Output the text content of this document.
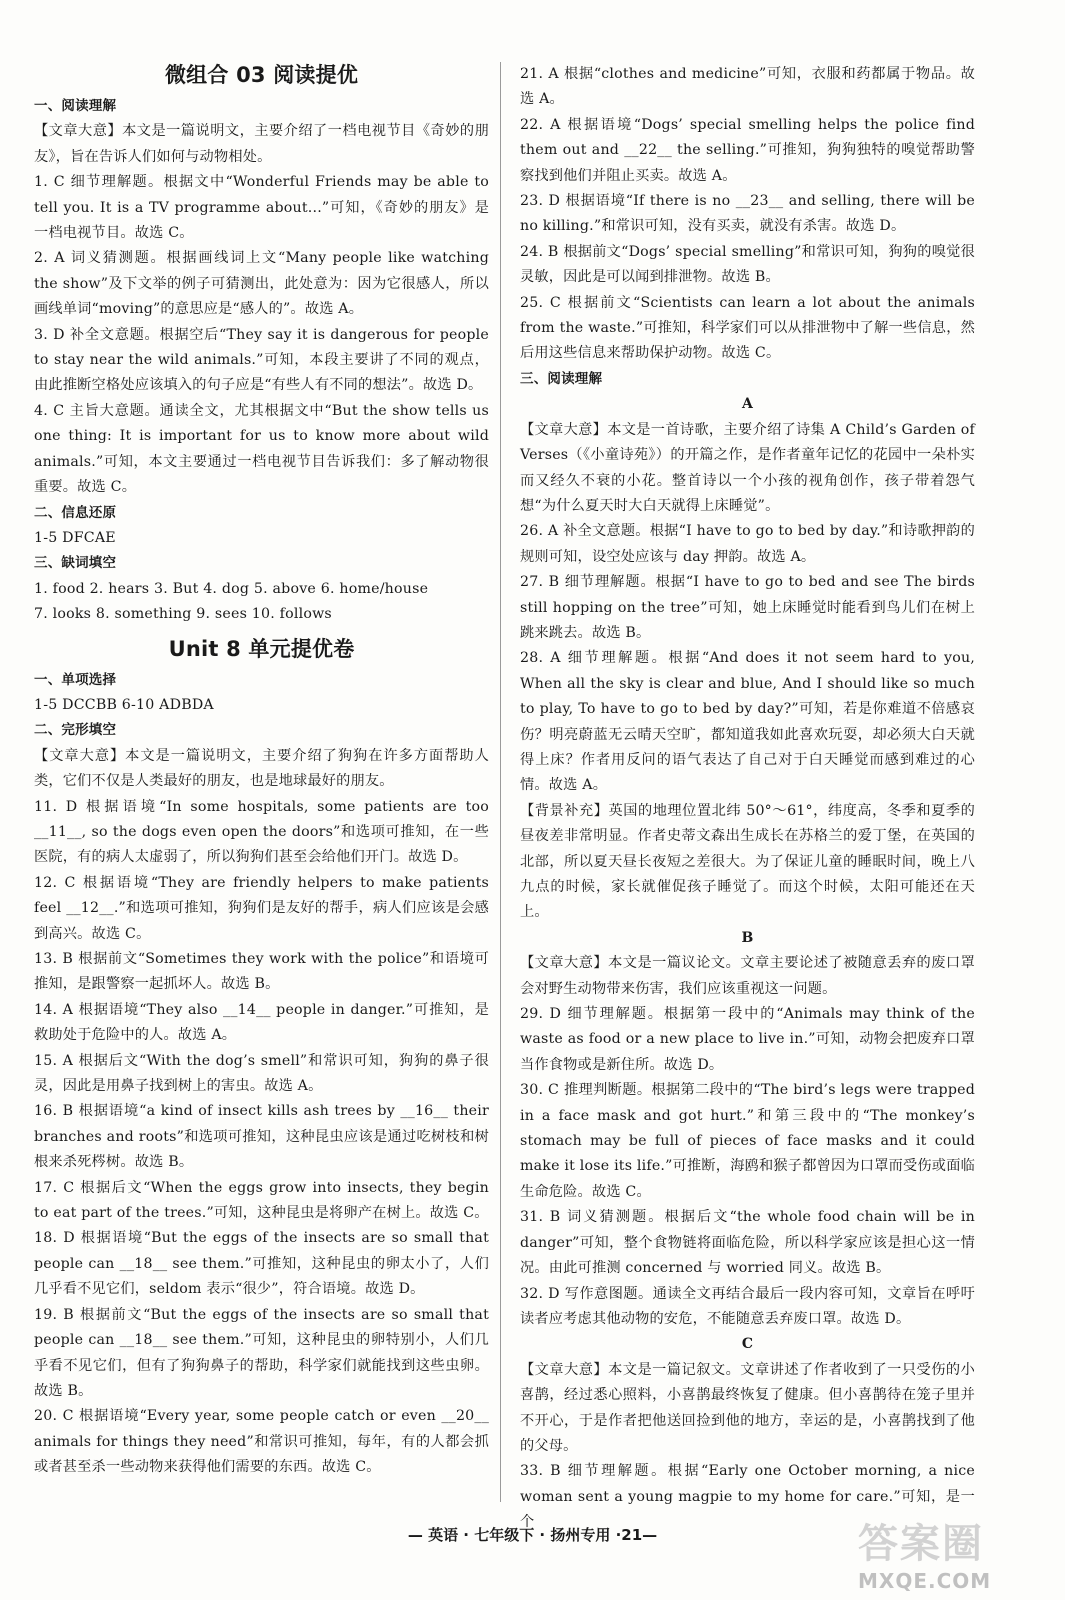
微组合 03 阅读提优
一、阅读理解
【文章大意】本文是一篇说明文，主要介绍了一档电视节目《奇妙的朋友》，旨在告诉人们如何与动物相处。
1. C 细节理解题。根据文中“Wonderful Friends may be able to tell you. It is a TV programme about...”可知，《奇妙的朋友》是一档电视节目。故选 C。
2. A 词义猜测题。根据画线词上文“Many people like watching the show”及下文举的例子可猜测出，此处意为：因为它很感人，所以画线单词“moving”的意思应是“感人的”。故选 A。
3. D 补全文意题。根据空后“They say it is dangerous for people to stay near the wild animals.”可知，本段主要讲了不同的观点，由此推断空格处应该填入的句子应是“有些人有不同的想法”。故选 D。
4. C 主旨大意题。通读全文，尤其根据文中“But the show tells us one thing: It is important for us to know more about wild animals.”可知，本文主要通过一档电视节目告诉我们：多了解动物很重要。故选 C。
二、信息还原
1-5 DFCAE
三、缺词填空
1. food 2. hears 3. But 4. dog 5. above 6. home/house
7. looks 8. something 9. sees 10. follows
Unit 8 单元提优卷
一、单项选择
1-5 DCCBB 6-10 ADBDA
二、完形填空
【文章大意】本文是一篇说明文，主要介绍了狗狗在许多方面帮助人类，它们不仅是人类最好的朋友，也是地球最好的朋友。
11. D 根据语境“In some hospitals, some patients are too __11__, so the dogs even open the doors”和选项可推知，在一些医院，有的病人太虚弱了，所以狗狗们甚至会给他们开门。故选 D。
12. C 根据语境“They are friendly helpers to make patients feel __12__.”和选项可推知，狗狗们是友好的帮手，病人们应该是会感到高兴。故选 C。
13. B 根据前文“Sometimes they work with the police”和语境可推知，是跟警察一起抓坏人。故选 B。
14. A 根据语境“They also __14__ people in danger.”可推知，是救助处于危险中的人。故选 A。
15. A 根据后文“With the dog’s smell”和常识可知，狗狗的鼻子很灵，因此是用鼻子找到树上的害虫。故选 A。
16. B 根据语境“a kind of insect kills ash trees by __16__ their branches and roots”和选项可推知，这种昆虫应该是通过吃树枝和树根来杀死梣树。故选 B。
17. C 根据后文“When the eggs grow into insects, they begin to eat part of the trees.”可知，这种昆虫是将卵产在树上。故选 C。
18. D 根据语境“But the eggs of the insects are so small that people can __18__ see them.”可推知，这种昆虫的卵太小了，人们几乎看不见它们，seldom 表示“很少”，符合语境。故选 D。
19. B 根据前文“But the eggs of the insects are so small that people can __18__ see them.”可知，这种昆虫的卵特别小，人们几乎看不见它们，但有了狗狗鼻子的帮助，科学家们就能找到这些虫卵。故选 B。
20. C 根据语境“Every year, some people catch or even __20__ animals for things they need”和常识可推知，每年，有的人都会抓或者甚至杀一些动物来获得他们需要的东西。故选 C。
21. A 根据“clothes and medicine”可知，衣服和药都属于物品。故选 A。
22. A 根据语境“Dogs’ special smelling helps the police find them out and __22__ the selling.”可推知，狗狗独特的嗅觉帮助警察找到他们并阻止买卖。故选 A。
23. D 根据语境“If there is no __23__ and selling, there will be no killing.”和常识可知，没有买卖，就没有杀害。故选 D。
24. B 根据前文“Dogs’ special smelling”和常识可知，狗狗的嗅觉很灵敏，因此是可以闻到排泄物。故选 B。
25. C 根据前文“Scientists can learn a lot about the animals from the waste.”可推知，科学家们可以从排泄物中了解一些信息，然后用这些信息来帮助保护动物。故选 C。
三、阅读理解
A
【文章大意】本文是一首诗歌，主要介绍了诗集 A Child’s Garden of Verses（《小童诗苑》）的开篇之作，是作者童年记忆的花园中一朵朴实而又经久不衰的小花。整首诗以一个小孩的视角创作，孩子带着怨气想“为什么夏天时大白天就得上床睡觉”。
26. A 补全文意题。根据“I have to go to bed by day.”和诗歌押韵的规则可知，设空处应该与 day 押韵。故选 A。
27. B 细节理解题。根据“I have to go to bed and see The birds still hopping on the tree”可知，她上床睡觉时能看到鸟儿们在树上跳来跳去。故选 B。
28. A 细节理解题。根据“And does it not seem hard to you, When all the sky is clear and blue, And I should like so much to play, To have to go to bed by day?”可知，若是你难道不倍感哀伤？明亮蔚蓝无云晴天空旷，都知道我如此喜欢玩耍，却必须大白天就得上床？作者用反问的语气表达了自己对于白天睡觉而感到难过的心情。故选 A。
【背景补充】英国的地理位置北纬 50°～61°，纬度高，冬季和夏季的昼夜差非常明显。作者史蒂文森出生成长在苏格兰的爱丁堡，在英国的北部，所以夏天昼长夜短之差很大。为了保证儿童的睡眠时间，晚上八九点的时候，家长就催促孩子睡觉了。而这个时候，太阳可能还在天上。
B
【文章大意】本文是一篇议论文。文章主要论述了被随意丢弃的废口罩会对野生动物带来伤害，我们应该重视这一问题。
29. D 细节理解题。根据第一段中的“Animals may think of the waste as food or a new place to live in.”可知，动物会把废弃口罩当作食物或是新住所。故选 D。
30. C 推理判断题。根据第二段中的“The bird’s legs were trapped in a face mask and got hurt.”和第三段中的“The monkey’s stomach may be full of pieces of face masks and it could make it lose its life.”可推断，海鸥和猴子都曾因为口罩而受伤或面临生命危险。故选 C。
31. B 词义猜测题。根据后文“the whole food chain will be in danger”可知，整个食物链将面临危险，所以科学家应该是担心这一情况。由此可推测 concerned 与 worried 同义。故选 B。
32. D 写作意图题。通读全文再结合最后一段内容可知，文章旨在呼吁读者应考虑其他动物的安危，不能随意丢弃废口罩。故选 D。
C
【文章大意】本文是一篇记叙文。文章讲述了作者收到了一只受伤的小喜鹊，经过悉心照料，小喜鹊最终恢复了健康。但小喜鹊待在笼子里并不开心，于是作者把他送回捡到他的地方，幸运的是，小喜鹊找到了他的父母。
33. B 细节理解题。根据“Early one October morning, a nice woman sent a young magpie to my home for care.”可知，是一个
— 英语 · 七年级下 · 扬州专用 ·21—	答案圈
MXQE.COM
